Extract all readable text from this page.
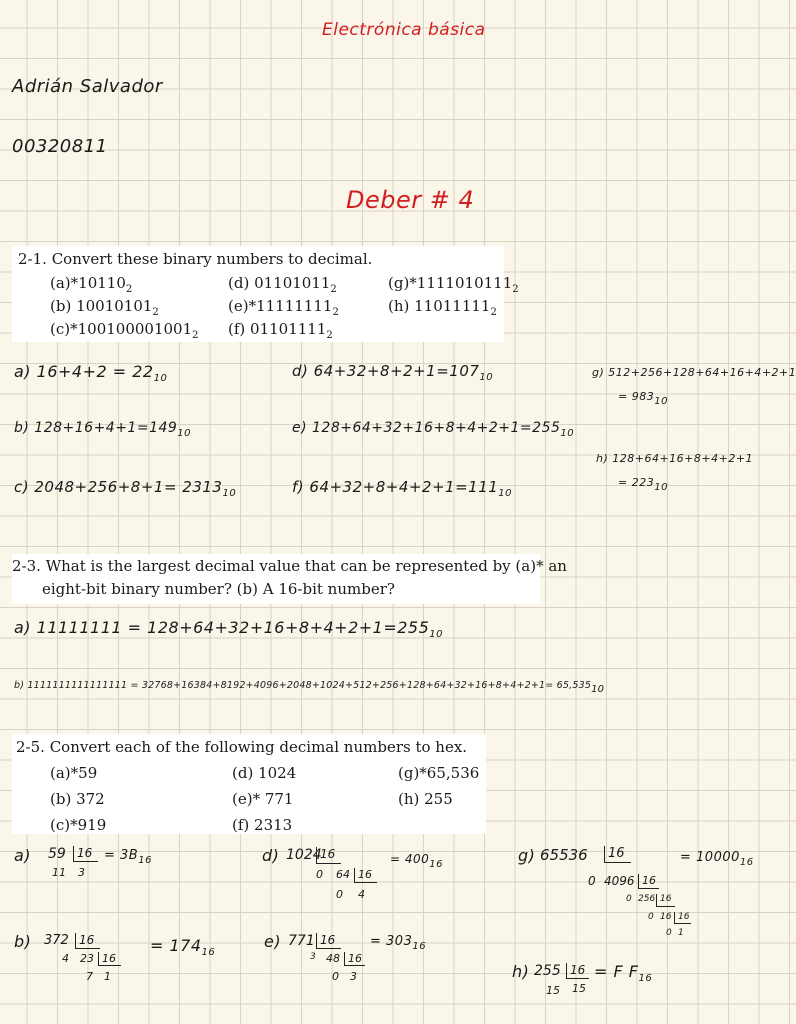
Electrónica básica
Adrián Salvador
00320811
Deber # 4
2-1. Convert these binary numbers to decimal.
$(a)*10110_2$
(b) $10010101_2$
$(c)*100100001001_2$
(d) $01101011_2$
$(e)*11111111_2$
(f) $01101111_2$
$(g)*1111010111_2$
(h) $11011111_2$
a) $16+4+2 = 22_{10}$
b) $128+16+4+1=149_{10}$
c) $2048+256+8+1= 2313_{10}$
d) $64+32+8+2+1=107_{10}$
e) $128+64+32+16+8+4+2+1=255_{10}$
f) $64+32+8+4+2+1=111_{10}$
g) 512+256+128+64+16+4+2+1
= 98310
h) 128+64+16+8+4+2+1
= 22310
2-3. What is the largest decimal value that can be represented by (a)* an
eight-bit binary number? (b) A 16-bit number?
a) $11111111 = 128+64+32+16+8+4+2+1=255_{10}$
b) 1111111111111111 = 32768+16384+8192+4096+2048+1024+512+256+128+64+32+16+8+4+2+1= 65,53510
2-5. Convert each of the following decimal numbers to hex.
(a)*59
(b) 372
(c)*919
(d) 1024
(e)* 771
(f) 2313
(g)*65,536
(h) 255
a) 59 16
11 3
= $3B_{16}$
b) 372 16
4 23 16
7 1
= $174_{16}$
d) 1024
16
0 64 16
0 4
= $400_{16}$
e) 771 16
3 48 16
0 3
= $303_{16}$
g) 65536 16
0 4096 16
0 256 16
0 16 16
0 1
= $10000_{16}$
h) 255 16
15 15
= F $F_{16}$
